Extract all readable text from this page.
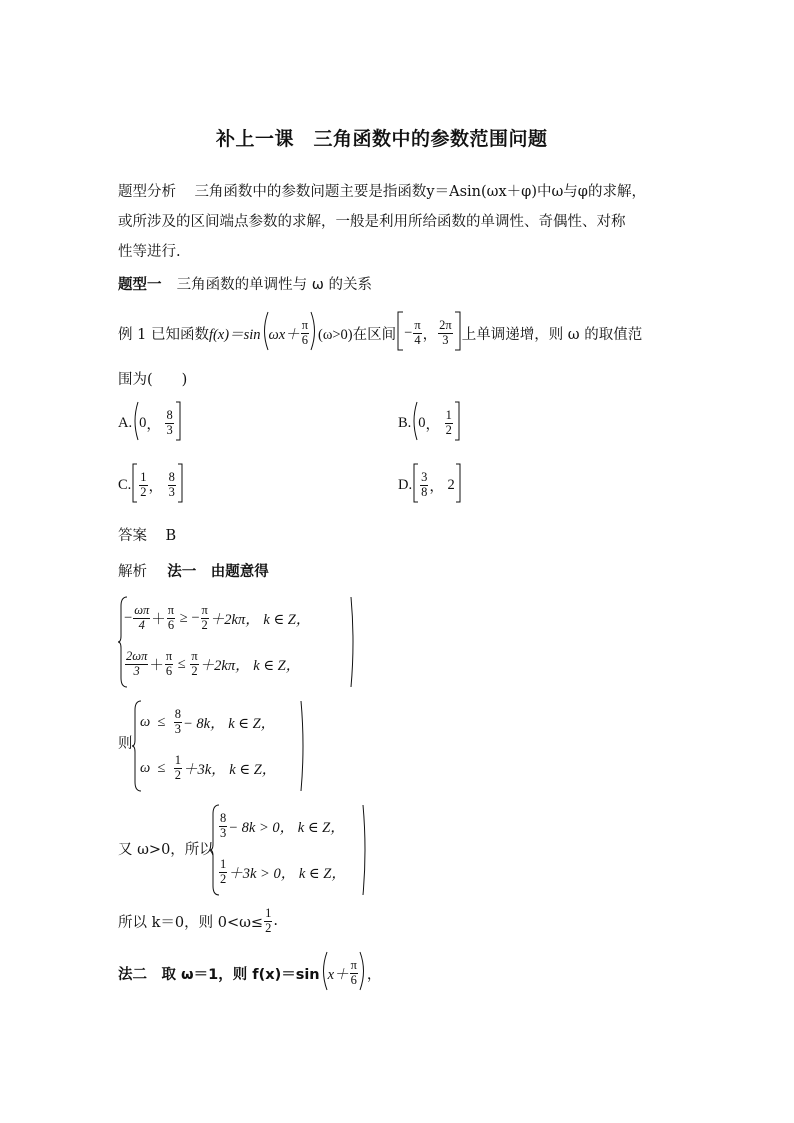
补上一课　三角函数中的参数范围问题
题型分析 三角函数中的参数问题主要是指函数y＝Asin(ωx＋φ)中ω与φ的求解，
或所涉及的区间端点参数的求解，一般是利用所给函数的单调性、奇偶性、对称
性等进行.
题型一 三角函数的单调性与 ω 的关系
例 1 已知函数 f(x)＝sin $\omega x+ \frac{\pi}{6} (\omega>0)$在区间 − $\frac{\pi}{4}$ ， $\frac{2\pi}{3}$ 上单调递增，则 ω 的取值范
围为(　　)
A. 0 ，
$\frac{8}{3}$	B. 0 ，
$\frac{1}{2}$
C. $\frac{1}{2}$ ，
$\frac{8}{3}$	D. $\frac{3}{8}$ ，
2
答案 B
解析 法一　由题意得
− $\frac{\omega\pi}{4} + \frac{\pi}{6}$
≥
− $\frac{\pi}{2} +2k\pi$， k ∈ Z，
$\frac{2\omega\pi}{3} + \frac{\pi}{6}$
≤
$\frac{\pi}{2} +2k\pi$， k ∈ Z，
则
ω
≤
$\frac{8}{3} - 8k$， k ∈ Z，
ω
≤
$\frac{1}{2} +3k$， k ∈ Z，
又 ω>0，所以
$\frac{8}{3} - 8k > 0$， k ∈ Z，
$\frac{1}{2} +3k > 0$， k ∈ Z，
所以 k＝0，则 $0<\omega\le \frac{1}{2}$ .
法二　取 ω＝1，则 f(x)＝sin $x+ \frac{\pi}{6}$ ，
